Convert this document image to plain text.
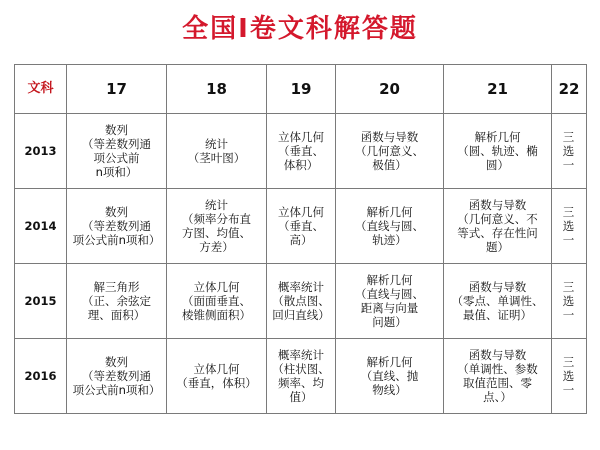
全国Ⅰ卷文科解答题
文科	17	18	19	20	21	22
2013	数列
（等差数列通
项公式前
n项和）	统计
（茎叶图）	立体几何
（垂直、
体积）	函数与导数
（几何意义、
极值）	解析几何
（圆、轨迹、椭
圆）	三
选
一
2014	数列
（等差数列通
项公式前n项和）	统计
（频率分布直
方图、均值、
方差）	立体几何
（垂直、
高）	解析几何
（直线与圆、
轨迹）	函数与导数
（几何意义、不
等式、存在性问
题）	三
选
一
2015	解三角形
（正、余弦定
理、面积）	立体几何
（面面垂直、
棱锥侧面积）	概率统计
（散点图、
回归直线）	解析几何
（直线与圆、
距离与向量
问题）	函数与导数
（零点、单调性、
最值、证明）	三
选
一
2016	数列
（等差数列通
项公式前n项和）	立体几何
（垂直，体积）	概率统计
（柱状图、
频率、均
值）	解析几何
（直线、抛
物线）	函数与导数
（单调性、参数
取值范围、零
点、）	三
选
一
